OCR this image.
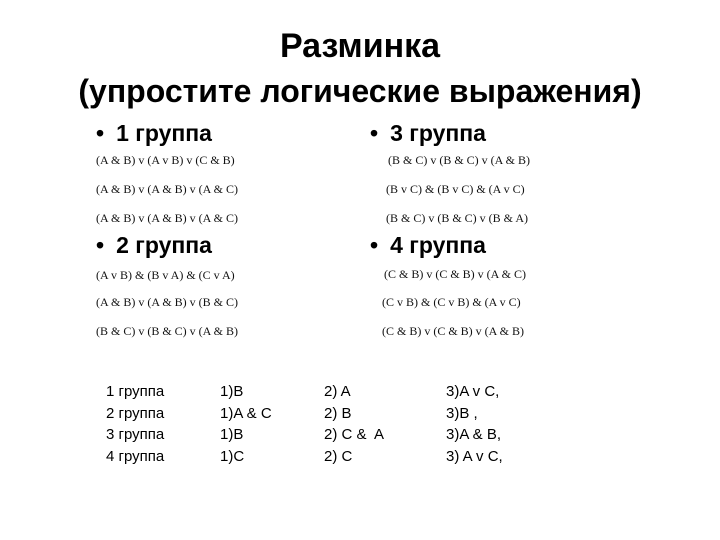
Разминка
(упростите логические выражения)
• 1 группа
(A & B) v (A v B) v (C & B)
(A & B) v (A & B) v (A & C)
(A & B) v (A & B) v (A & C)
• 3 группа
(B & C) v (B & C) v (A & B)
(B v C) & (B v C) & (A v C)
(B & C) v (B & C) v (B & A)
• 2 группа
(A v B) & (B v A) & (C v A)
(A & B) v (A & B) v (B & C)
(B & C) v (B & C) v (A & B)
• 4 группа
(C & B) v (C & B) v (A & C)
(C v B) & (C v B) & (A v C)
(C & B) v (C & B) v (A & B)
1 группа
2 группа
3 группа
4 группа
1)B
1)A & C
1)B
1)C
2) A
2) B
2) C &  A
2) C
3)A v C,
3)B ,
3)A & B,
3) A v C,
